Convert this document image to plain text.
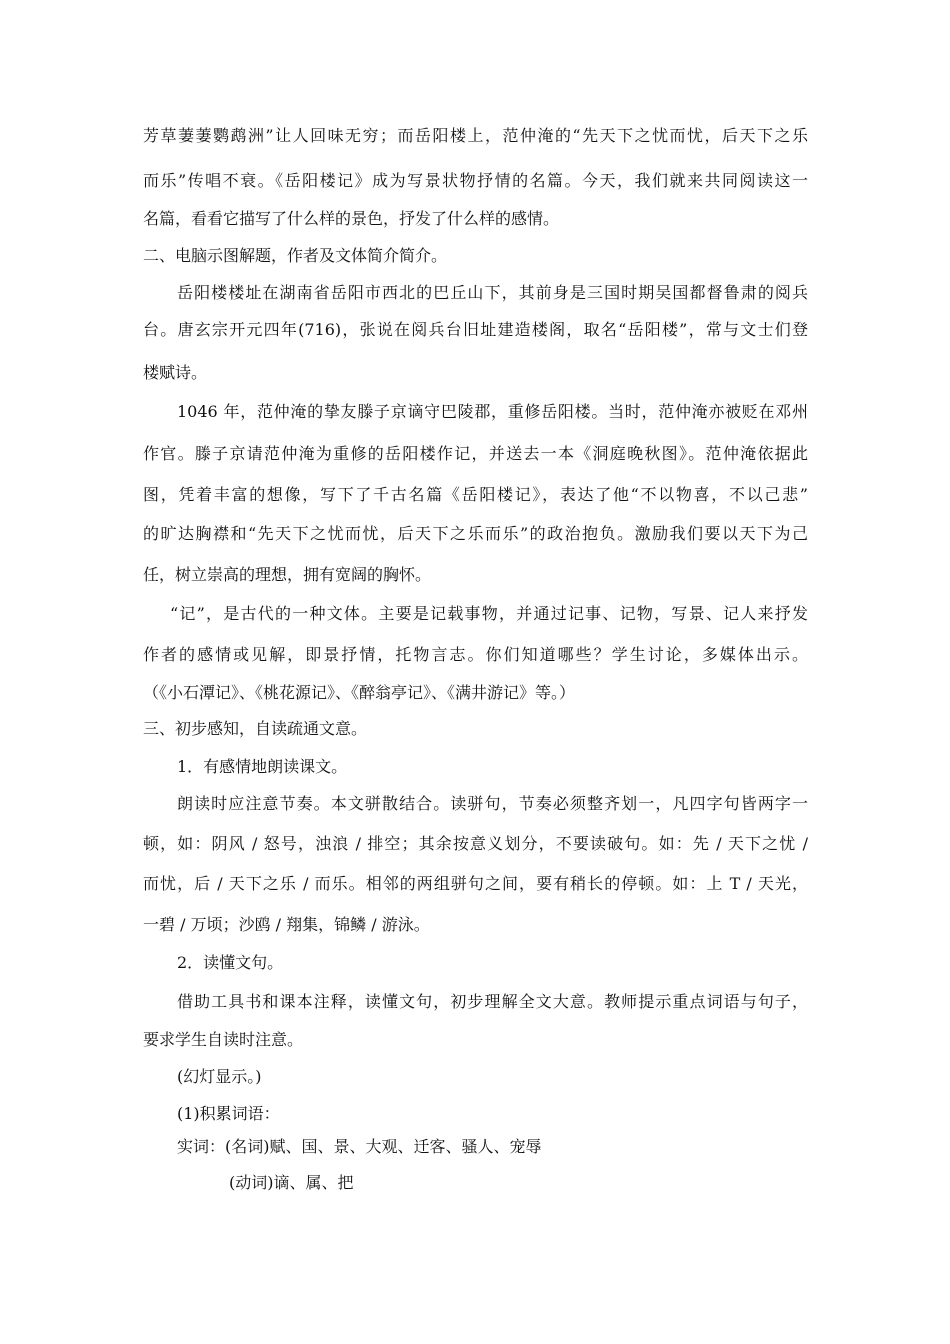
芳草萋萋鹦鹉洲”让人回味无穷；而岳阳楼上，范仲淹的“先天下之忧而忧，后天下之乐
而乐”传唱不衰。《岳阳楼记》成为写景状物抒情的名篇。今天，我们就来共同阅读这一
名篇，看看它描写了什么样的景色，抒发了什么样的感情。
二、电脑示图解题，作者及文体简介简介。
岳阳楼楼址在湖南省岳阳市西北的巴丘山下，其前身是三国时期吴国都督鲁肃的阅兵
台。唐玄宗开元四年(716)，张说在阅兵台旧址建造楼阁，取名“岳阳楼”，常与文士们登
楼赋诗。
1046 年，范仲淹的挚友滕子京谪守巴陵郡，重修岳阳楼。当时，范仲淹亦被贬在邓州
作官。滕子京请范仲淹为重修的岳阳楼作记，并送去一本《洞庭晚秋图》。范仲淹依据此
图，凭着丰富的想像，写下了千古名篇《岳阳楼记》，表达了他“不以物喜，不以己悲”
的旷达胸襟和“先天下之忧而忧，后天下之乐而乐”的政治抱负。激励我们要以天下为己
任，树立崇高的理想，拥有宽阔的胸怀。
“记”，是古代的一种文体。主要是记载事物，并通过记事、记物，写景、记人来抒发
作者的感情或见解，即景抒情，托物言志。你们知道哪些？学生讨论，多媒体出示。
（《小石潭记》、《桃花源记》、《醉翁亭记》、《满井游记》等。）
三、初步感知，自读疏通文意。
1．有感情地朗读课文。
朗读时应注意节奏。本文骈散结合。读骈句，节奏必须整齐划一，凡四字句皆两字一
顿，如：阴风 / 怒号，浊浪 / 排空；其余按意义划分，不要读破句。如：先 / 天下之忧 /
而忧，后 / 天下之乐 / 而乐。相邻的两组骈句之间，要有稍长的停顿。如：上 T / 天光，
一碧 / 万顷；沙鸥 / 翔集，锦鳞 / 游泳。
2．读懂文句。
借助工具书和课本注释，读懂文句，初步理解全文大意。教师提示重点词语与句子，
要求学生自读时注意。
(幻灯显示。)
(1)积累词语：
实词：(名词)赋、国、景、大观、迁客、骚人、宠辱
(动词)谪、属、把
